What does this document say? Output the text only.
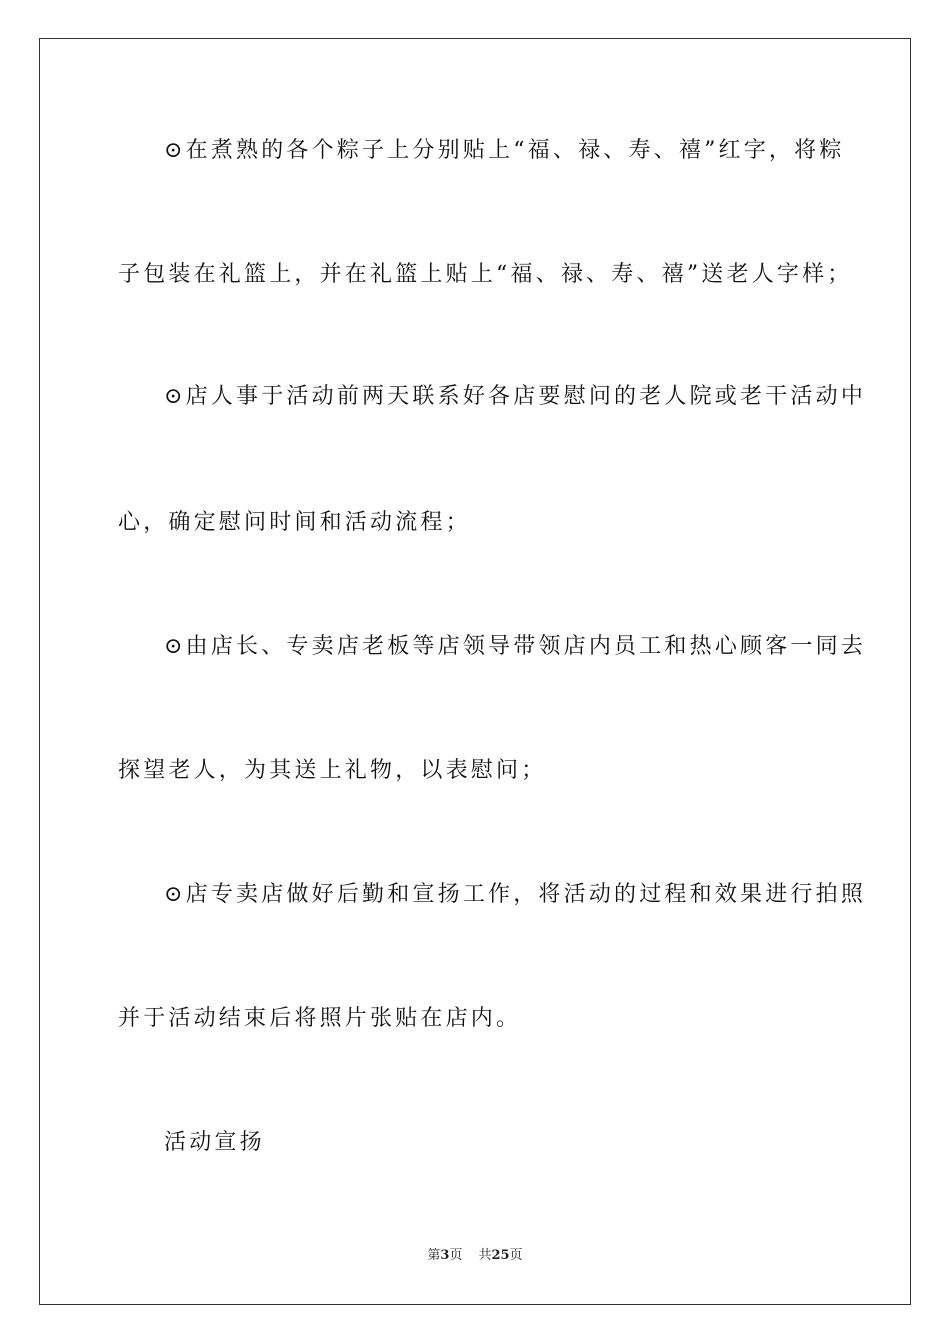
⊙在煮熟的各个粽子上分别贴上“福、禄、寿、禧”红字，将粽
子包装在礼篮上，并在礼篮上贴上“福、禄、寿、禧”送老人字样；
⊙店人事于活动前两天联系好各店要慰问的老人院或老干活动中
心，确定慰问时间和活动流程；
⊙由店长、专卖店老板等店领导带领店内员工和热心顾客一同去
探望老人，为其送上礼物，以表慰问；
⊙店专卖店做好后勤和宣扬工作，将活动的过程和效果进行拍照
并于活动结束后将照片张贴在店内。
活动宣扬
第3页 共25页
